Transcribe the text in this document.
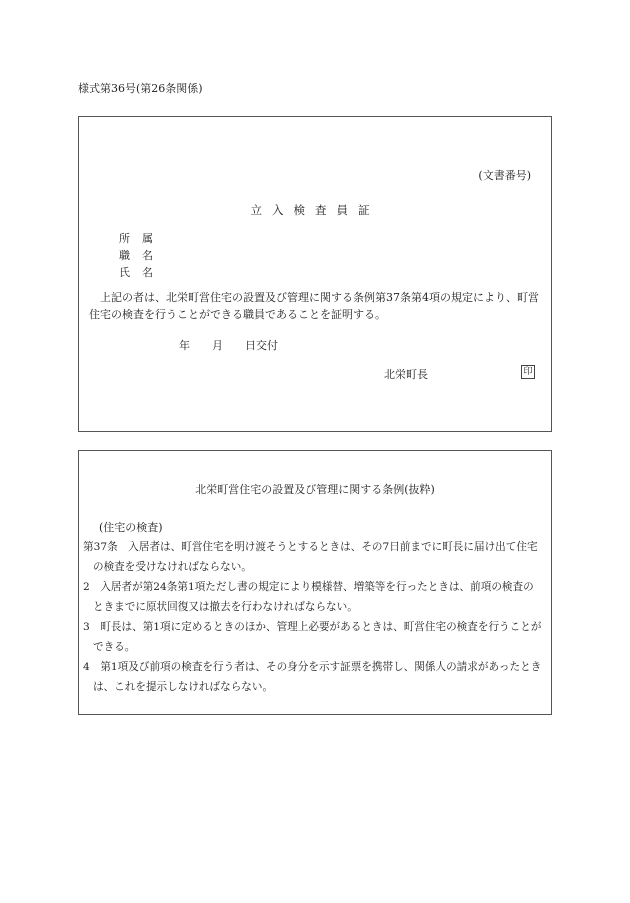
様式第36号(第26条関係)
(文書番号)
立入検査員証
所属
職名
氏名
上記の者は、北栄町営住宅の設置及び管理に関する条例第37条第4項の規定により、町営住宅の検査を行うことができる職員であることを証明する。
年　　月　　日交付
北栄町長	印
北栄町営住宅の設置及び管理に関する条例(抜粋)
(住宅の検査)
第37条　入居者は、町営住宅を明け渡そうとするときは、その7日前までに町長に届け出て住宅の検査を受けなければならない。
2　入居者が第24条第1項ただし書の規定により模様替、増築等を行ったときは、前項の検査のときまでに原状回復又は撤去を行わなければならない。
3　町長は、第1項に定めるときのほか、管理上必要があるときは、町営住宅の検査を行うことができる。
4　第1項及び前項の検査を行う者は、その身分を示す証票を携帯し、関係人の請求があったときは、これを提示しなければならない。
